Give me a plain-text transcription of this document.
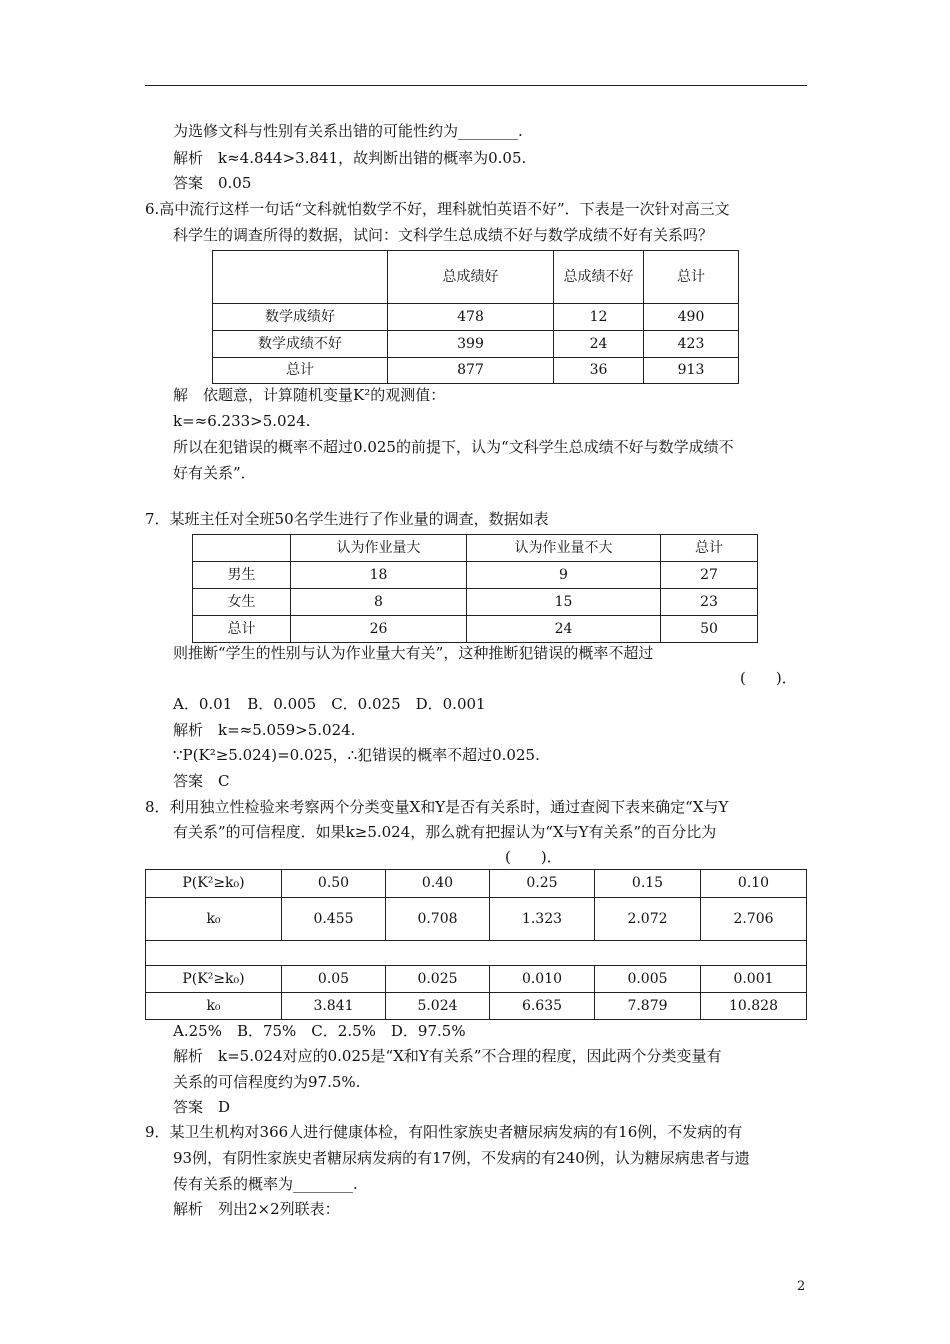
为选修文科与性别有关系出错的可能性约为________.
解析　k≈4.844>3.841，故判断出错的概率为0.05.
答案　0.05
6.高中流行这样一句话“文科就怕数学不好，理科就怕英语不好”．下表是一次针对高三文
科学生的调查所得的数据，试问：文科学生总成绩不好与数学成绩不好有关系吗？
	总成绩好	总成绩不好	总计
数学成绩好	478	12	490
数学成绩不好	399	24	423
总计	877	36	913
解　依题意，计算随机变量K²的观测值：
k=≈6.233>5.024.
所以在犯错误的概率不超过0.025的前提下，认为“文科学生总成绩不好与数学成绩不
好有关系”．
7．某班主任对全班50名学生进行了作业量的调查，数据如表
	认为作业量大	认为作业量不大	总计
男生	18	9	27
女生	8	15	23
总计	26	24	50
则推断“学生的性别与认为作业量大有关”，这种推断犯错误的概率不超过
(　　)．
A．0.01　B．0.005　C．0.025　D．0.001
解析　k=≈5.059>5.024.
∵P(K²≥5.024)=0.025，∴犯错误的概率不超过0.025.
答案　C
8．利用独立性检验来考察两个分类变量X和Y是否有关系时，通过查阅下表来确定“X与Y
有关系”的可信程度．如果k≥5.024，那么就有把握认为“X与Y有关系”的百分比为
(　　)．
P(K²≥k₀)	0.50	0.40	0.25	0.15	0.10
k₀	0.455	0.708	1.323	2.072	2.706

P(K²≥k₀)	0.05	0.025	0.010	0.005	0.001
k₀	3.841	5.024	6.635	7.879	10.828
A.25%　B．75%　C．2.5%　D．97.5%
解析　k=5.024对应的0.025是“X和Y有关系”不合理的程度，因此两个分类变量有
关系的可信程度约为97.5%.
答案　D
9．某卫生机构对366人进行健康体检，有阳性家族史者糖尿病发病的有16例，不发病的有
93例，有阴性家族史者糖尿病发病的有17例，不发病的有240例，认为糖尿病患者与遗
传有关系的概率为________.
解析　列出2×2列联表：
2
